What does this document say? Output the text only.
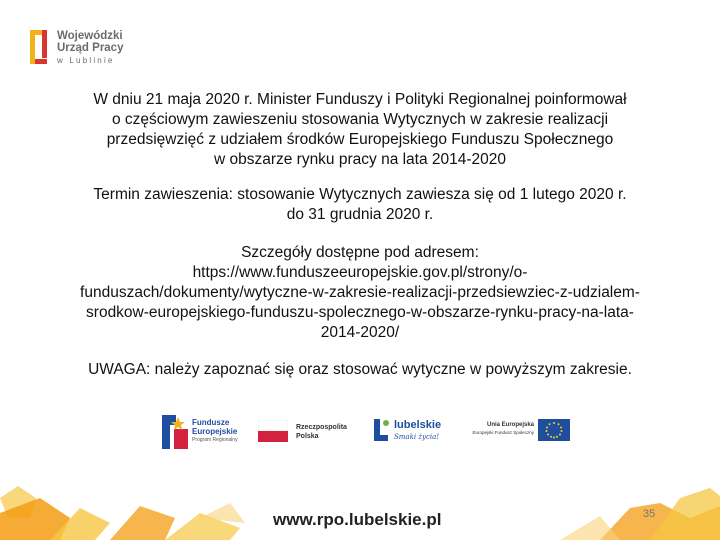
Wojewódzki
Urząd Pracy
w Lublinie

W dniu 21 maja 2020 r. Minister Funduszy i Polityki Regionalnej poinformował

o częściowym zawieszeniu stosowania Wytycznych w zakresie realizacji

przedsięwzięć z udziałem środków Europejskiego Funduszu Społecznego

w obszarze rynku pracy na lata 2014-2020

Termin zawieszenia: stosowanie Wytycznych zawiesza się od 1 lutego 2020 r.

do 31 grudnia 2020 r.

Szczegóły dostępne pod adresem:

https://www.funduszeeuropejskie.gov.pl/strony/o-

funduszach/dokumenty/wytyczne-w-zakresie-realizacji-przedsiewziec-z-udzialem-

srodkow-europejskiego-funduszu-spolecznego-w-obszarze-rynku-pracy-na-lata-

2014-2020/

UWAGA: należy zapoznać się oraz stosować wytyczne w powyższym zakresie.

Fundusze
Europejskie
Program Regionalny
Rzeczpospolita
Polska
lubelskie
Smaki życia!
Unia Europejska
Europejski Fundusz Społeczny
www.rpo.lubelskie.pl	35
